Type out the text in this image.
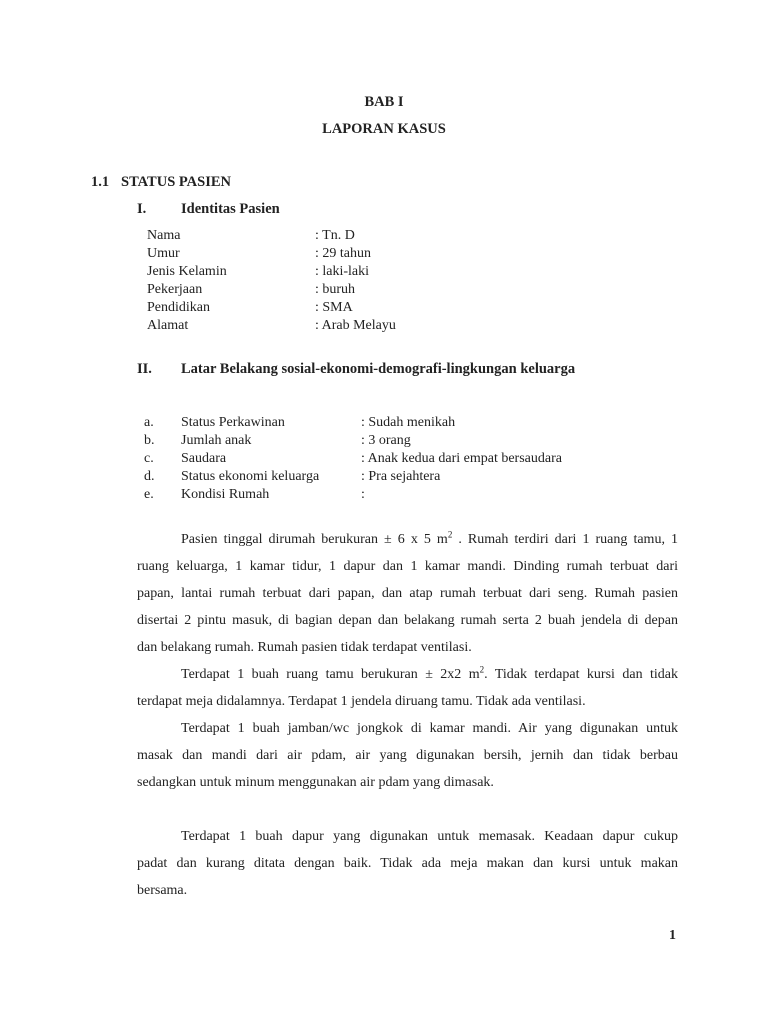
BAB I
LAPORAN KASUS
1.1 STATUS PASIEN
I. Identitas Pasien
Nama	: Tn. D
Umur	: 29 tahun
Jenis Kelamin	: laki-laki
Pekerjaan	: buruh
Pendidikan	: SMA
Alamat	: Arab Melayu
II. Latar Belakang sosial-ekonomi-demografi-lingkungan keluarga
a. Status Perkawinan	: Sudah menikah
b. Jumlah anak	: 3 orang
c. Saudara	: Anak kedua dari empat bersaudara
d. Status ekonomi keluarga	: Pra sejahtera
e. Kondisi Rumah	:
Pasien tinggal dirumah berukuran ± 6 x 5 $m^2$ . Rumah terdiri dari 1 ruang tamu, 1
ruang keluarga, 1 kamar tidur, 1 dapur dan 1 kamar mandi. Dinding rumah terbuat dari
papan, lantai rumah terbuat dari papan, dan atap rumah terbuat dari seng. Rumah pasien
disertai 2 pintu masuk, di bagian depan dan belakang rumah serta 2 buah jendela di depan
dan belakang rumah. Rumah pasien tidak terdapat ventilasi.
Terdapat 1 buah ruang tamu berukuran ± 2x2 $m^2$. Tidak terdapat kursi dan tidak
terdapat meja didalamnya. Terdapat 1 jendela diruang tamu. Tidak ada ventilasi.
Terdapat 1 buah jamban/wc jongkok di kamar mandi. Air yang digunakan untuk
masak dan mandi dari air pdam, air yang digunakan bersih, jernih dan tidak berbau
sedangkan untuk minum menggunakan air pdam yang dimasak.
Terdapat 1 buah dapur yang digunakan untuk memasak. Keadaan dapur cukup
padat dan kurang ditata dengan baik. Tidak ada meja makan dan kursi untuk makan
bersama.
1
